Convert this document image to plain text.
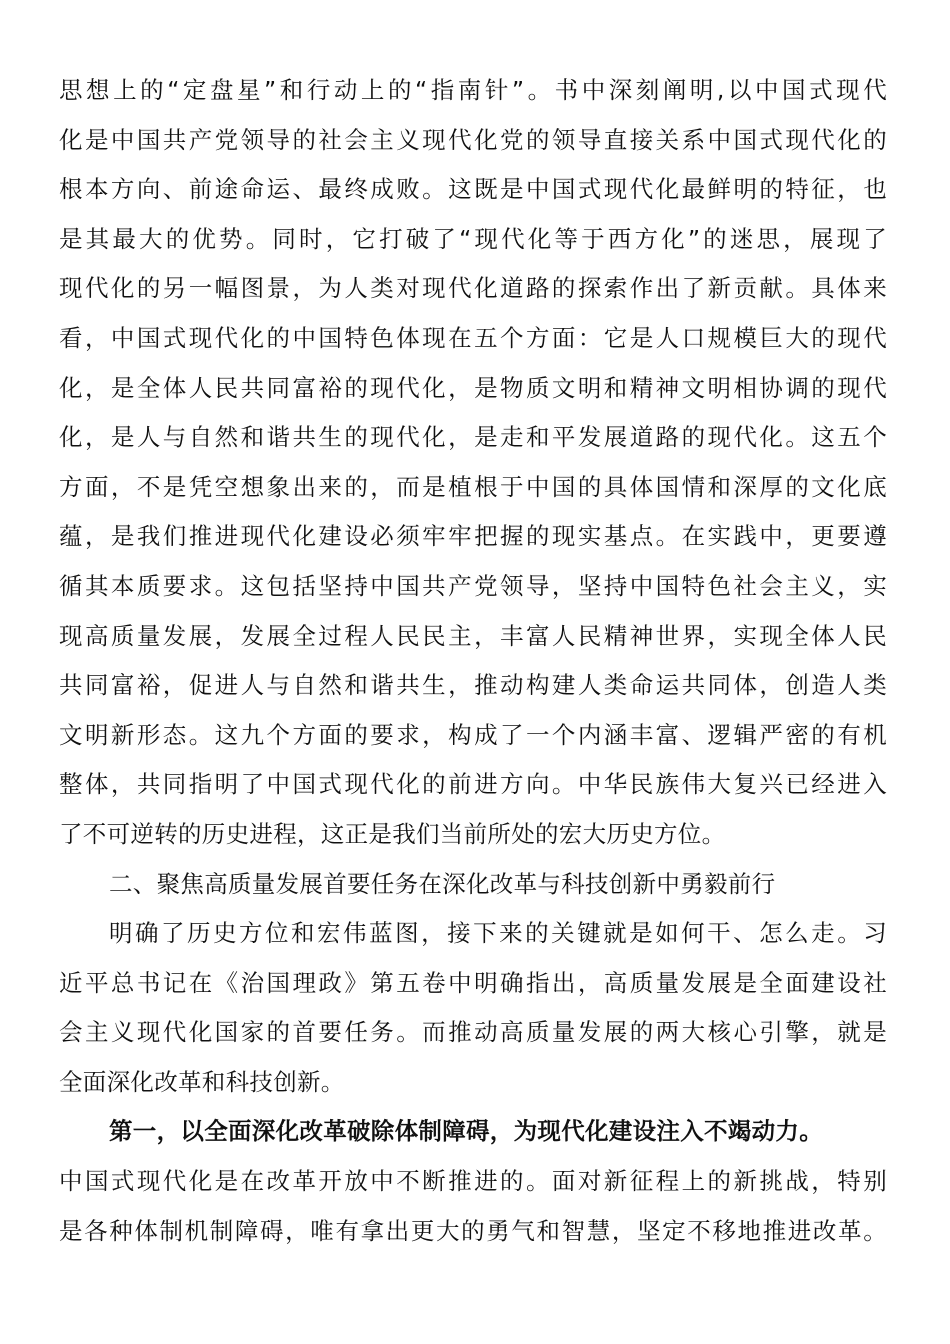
思想上的“定盘星”和行动上的“指南针”。书中深刻阐明,以中国式现代
化是中国共产党领导的社会主义现代化党的领导直接关系中国式现代化的
根本方向、前途命运、最终成败。这既是中国式现代化最鲜明的特征，也
是其最大的优势。同时，它打破了“现代化等于西方化”的迷思，展现了
现代化的另一幅图景，为人类对现代化道路的探索作出了新贡献。具体来
看，中国式现代化的中国特色体现在五个方面：它是人口规模巨大的现代
化，是全体人民共同富裕的现代化，是物质文明和精神文明相协调的现代
化，是人与自然和谐共生的现代化，是走和平发展道路的现代化。这五个
方面，不是凭空想象出来的，而是植根于中国的具体国情和深厚的文化底
蕴，是我们推进现代化建设必须牢牢把握的现实基点。在实践中，更要遵
循其本质要求。这包括坚持中国共产党领导，坚持中国特色社会主义，实
现高质量发展，发展全过程人民民主，丰富人民精神世界，实现全体人民
共同富裕，促进人与自然和谐共生，推动构建人类命运共同体，创造人类
文明新形态。这九个方面的要求，构成了一个内涵丰富、逻辑严密的有机
整体，共同指明了中国式现代化的前进方向。中华民族伟大复兴已经进入
了不可逆转的历史进程，这正是我们当前所处的宏大历史方位。
二、聚焦高质量发展首要任务在深化改革与科技创新中勇毅前行
明确了历史方位和宏伟蓝图，接下来的关键就是如何干、怎么走。习
近平总书记在《治国理政》第五卷中明确指出，高质量发展是全面建设社
会主义现代化国家的首要任务。而推动高质量发展的两大核心引擎，就是
全面深化改革和科技创新。
第一，以全面深化改革破除体制障碍，为现代化建设注入不竭动力。
中国式现代化是在改革开放中不断推进的。面对新征程上的新挑战，特别
是各种体制机制障碍，唯有拿出更大的勇气和智慧，坚定不移地推进改革。
